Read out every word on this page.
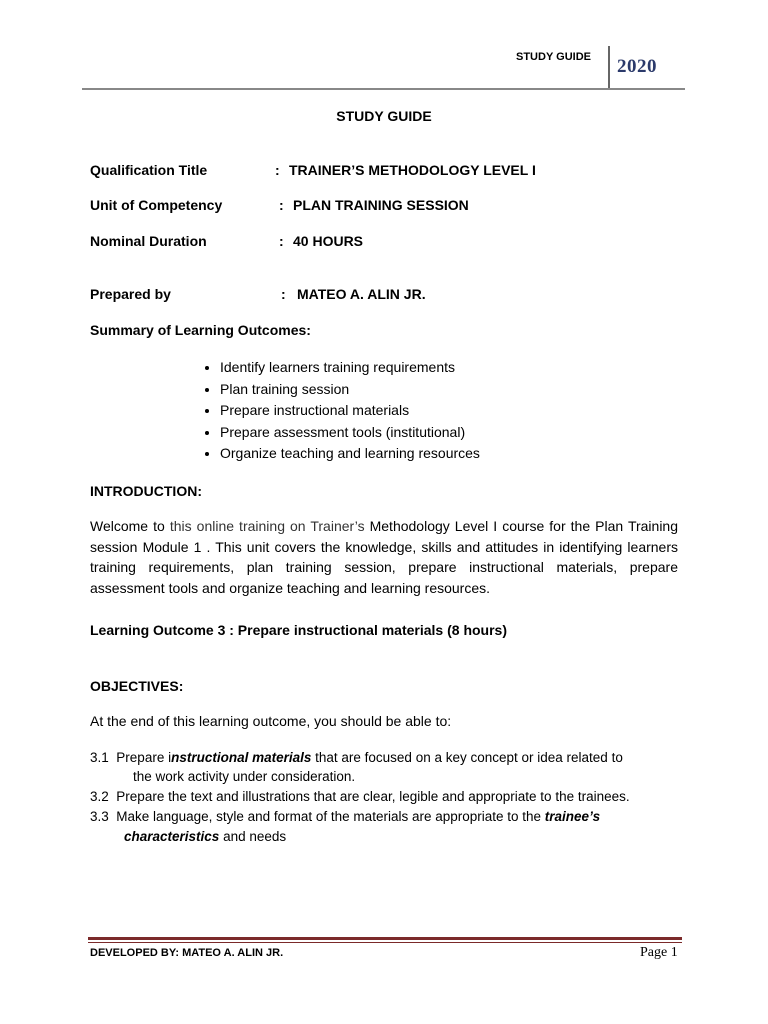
STUDY GUIDE 2020
STUDY GUIDE
Qualification Title	: TRAINER’S METHODOLOGY LEVEL I
Unit of Competency	: PLAN TRAINING SESSION
Nominal Duration	: 40 HOURS
Prepared by	: MATEO A. ALIN JR.
Summary of Learning Outcomes:
• Identify learners training requirements
• Plan training session
• Prepare instructional materials
• Prepare assessment tools (institutional)
• Organize teaching and learning resources
INTRODUCTION:
Welcome to this online training on Trainer’s Methodology Level I course for the Plan Training session Module 1 . This unit covers the knowledge, skills and attitudes in identifying learners training requirements, plan training session, prepare instructional materials, prepare assessment tools and organize teaching and learning resources.
Learning Outcome 3 : Prepare instructional materials (8 hours)
OBJECTIVES:
At the end of this learning outcome, you should be able to:
3.1 Prepare instructional materials that are focused on a key concept or idea related to
the work activity under consideration.
3.2 Prepare the text and illustrations that are clear, legible and appropriate to the trainees.
3.3 Make language, style and format of the materials are appropriate to the trainee’s
characteristics and needs
DEVELOPED BY: MATEO A. ALIN JR.	Page 1
